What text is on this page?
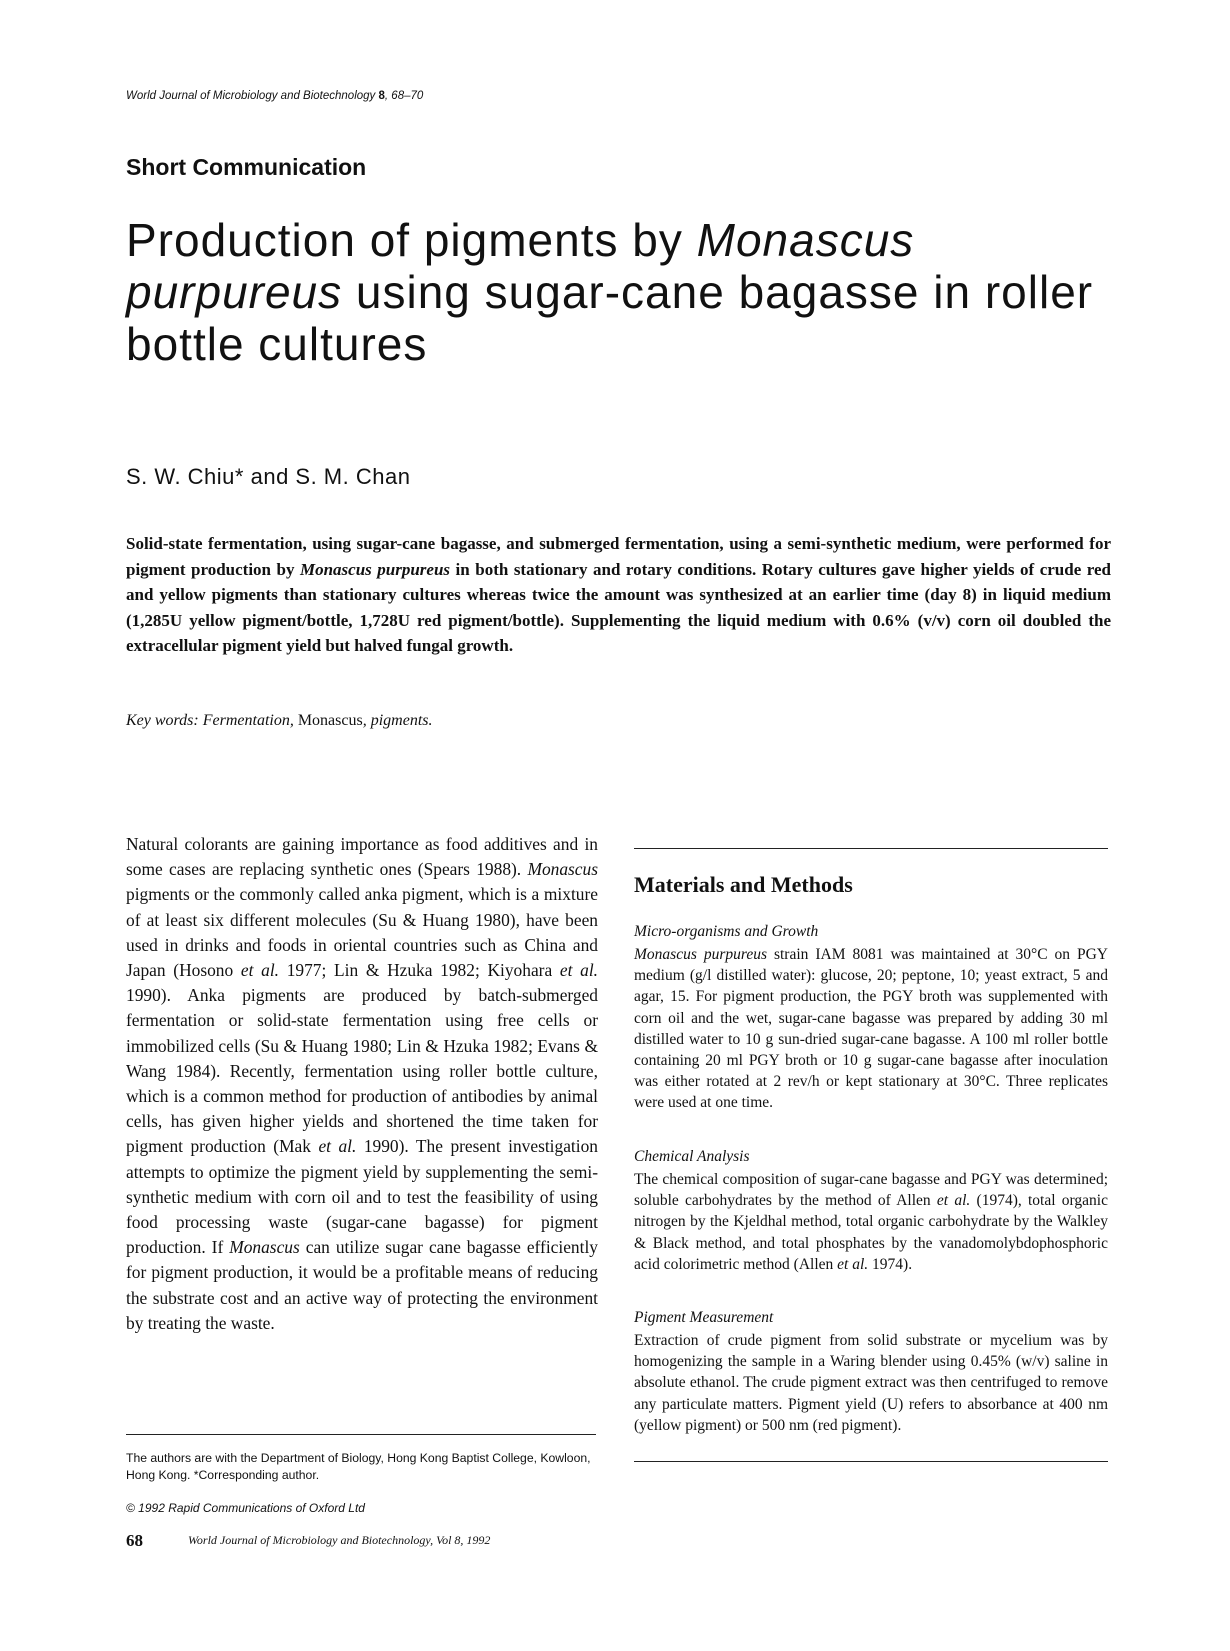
World Journal of Microbiology and Biotechnology 8, 68–70
Short Communication
Production of pigments by Monascus purpureus using sugar-cane bagasse in roller bottle cultures
S. W. Chiu* and S. M. Chan

Solid-state fermentation, using sugar-cane bagasse, and submerged fermentation, using a semi-synthetic medium, were performed for pigment production by Monascus purpureus in both stationary and rotary conditions. Rotary cultures gave higher yields of crude red and yellow pigments than stationary cultures whereas twice the amount was synthesized at an earlier time (day 8) in liquid medium (1,285U yellow pigment/bottle, 1,728U red pigment/bottle). Supplementing the liquid medium with 0.6% (v/v) corn oil doubled the extracellular pigment yield but halved fungal growth.

Key words: Fermentation, Monascus, pigments.

Natural colorants are gaining importance as food additives and in some cases are replacing synthetic ones (Spears 1988). Monascus pigments or the commonly called anka pigment, which is a mixture of at least six different molecules (Su & Huang 1980), have been used in drinks and foods in oriental countries such as China and Japan (Hosono et al. 1977; Lin & Hzuka 1982; Kiyohara et al. 1990). Anka pigments are produced by batch-submerged fermentation or solid-state fermentation using free cells or immobilized cells (Su & Huang 1980; Lin & Hzuka 1982; Evans & Wang 1984). Recently, fermentation using roller bottle culture, which is a common method for production of antibodies by animal cells, has given higher yields and shortened the time taken for pigment production (Mak et al. 1990). The present investigation attempts to optimize the pigment yield by supplementing the semi-synthetic medium with corn oil and to test the feasibility of using food processing waste (sugar-cane bagasse) for pigment production. If Monascus can utilize sugar cane bagasse efficiently for pigment production, it would be a profitable means of reducing the substrate cost and an active way of protecting the environment by treating the waste.

Materials and Methods
Micro-organisms and Growth

Monascus purpureus strain IAM 8081 was maintained at 30°C on PGY medium (g/l distilled water): glucose, 20; peptone, 10; yeast extract, 5 and agar, 15. For pigment production, the PGY broth was supplemented with corn oil and the wet, sugar-cane bagasse was prepared by adding 30 ml distilled water to 10 g sun-dried sugar-cane bagasse. A 100 ml roller bottle containing 20 ml PGY broth or 10 g sugar-cane bagasse after inoculation was either rotated at 2 rev/h or kept stationary at 30°C. Three replicates were used at one time.

Chemical Analysis

The chemical composition of sugar-cane bagasse and PGY was determined; soluble carbohydrates by the method of Allen et al. (1974), total organic nitrogen by the Kjeldhal method, total organic carbohydrate by the Walkley & Black method, and total phosphates by the vanadomolybdophosphoric acid colorimetric method (Allen et al. 1974).

Pigment Measurement

Extraction of crude pigment from solid substrate or mycelium was by homogenizing the sample in a Waring blender using 0.45% (w/v) saline in absolute ethanol. The crude pigment extract was then centrifuged to remove any particulate matters. Pigment yield (U) refers to absorbance at 400 nm (yellow pigment) or 500 nm (red pigment).

The authors are with the Department of Biology, Hong Kong Baptist College, Kowloon, Hong Kong. *Corresponding author.
© 1992 Rapid Communications of Oxford Ltd
68	World Journal of Microbiology and Biotechnology, Vol 8, 1992
